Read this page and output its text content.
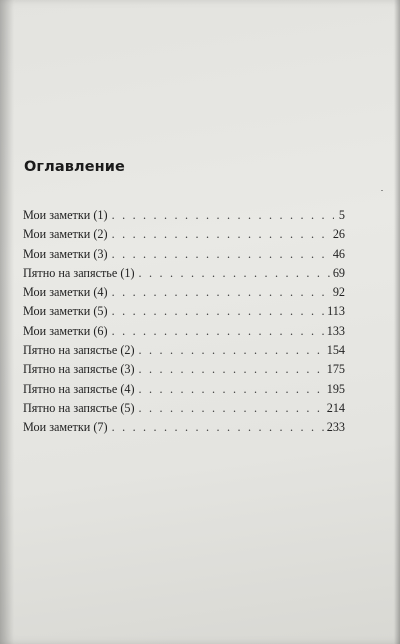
Оглавление
Мои заметки (1) . . .	5
Мои заметки (2) . . .	26
Мои заметки (3) . . .	46
Пятно на запястье (1) . . .	69
Мои заметки (4) . . .	92
Мои заметки (5) . . .	113
Мои заметки (6) . . .	133
Пятно на запястье (2) . . .	154
Пятно на запястье (3) . . .	175
Пятно на запястье (4) . . .	195
Пятно на запястье (5) . . .	214
Мои заметки (7) . . .	233
